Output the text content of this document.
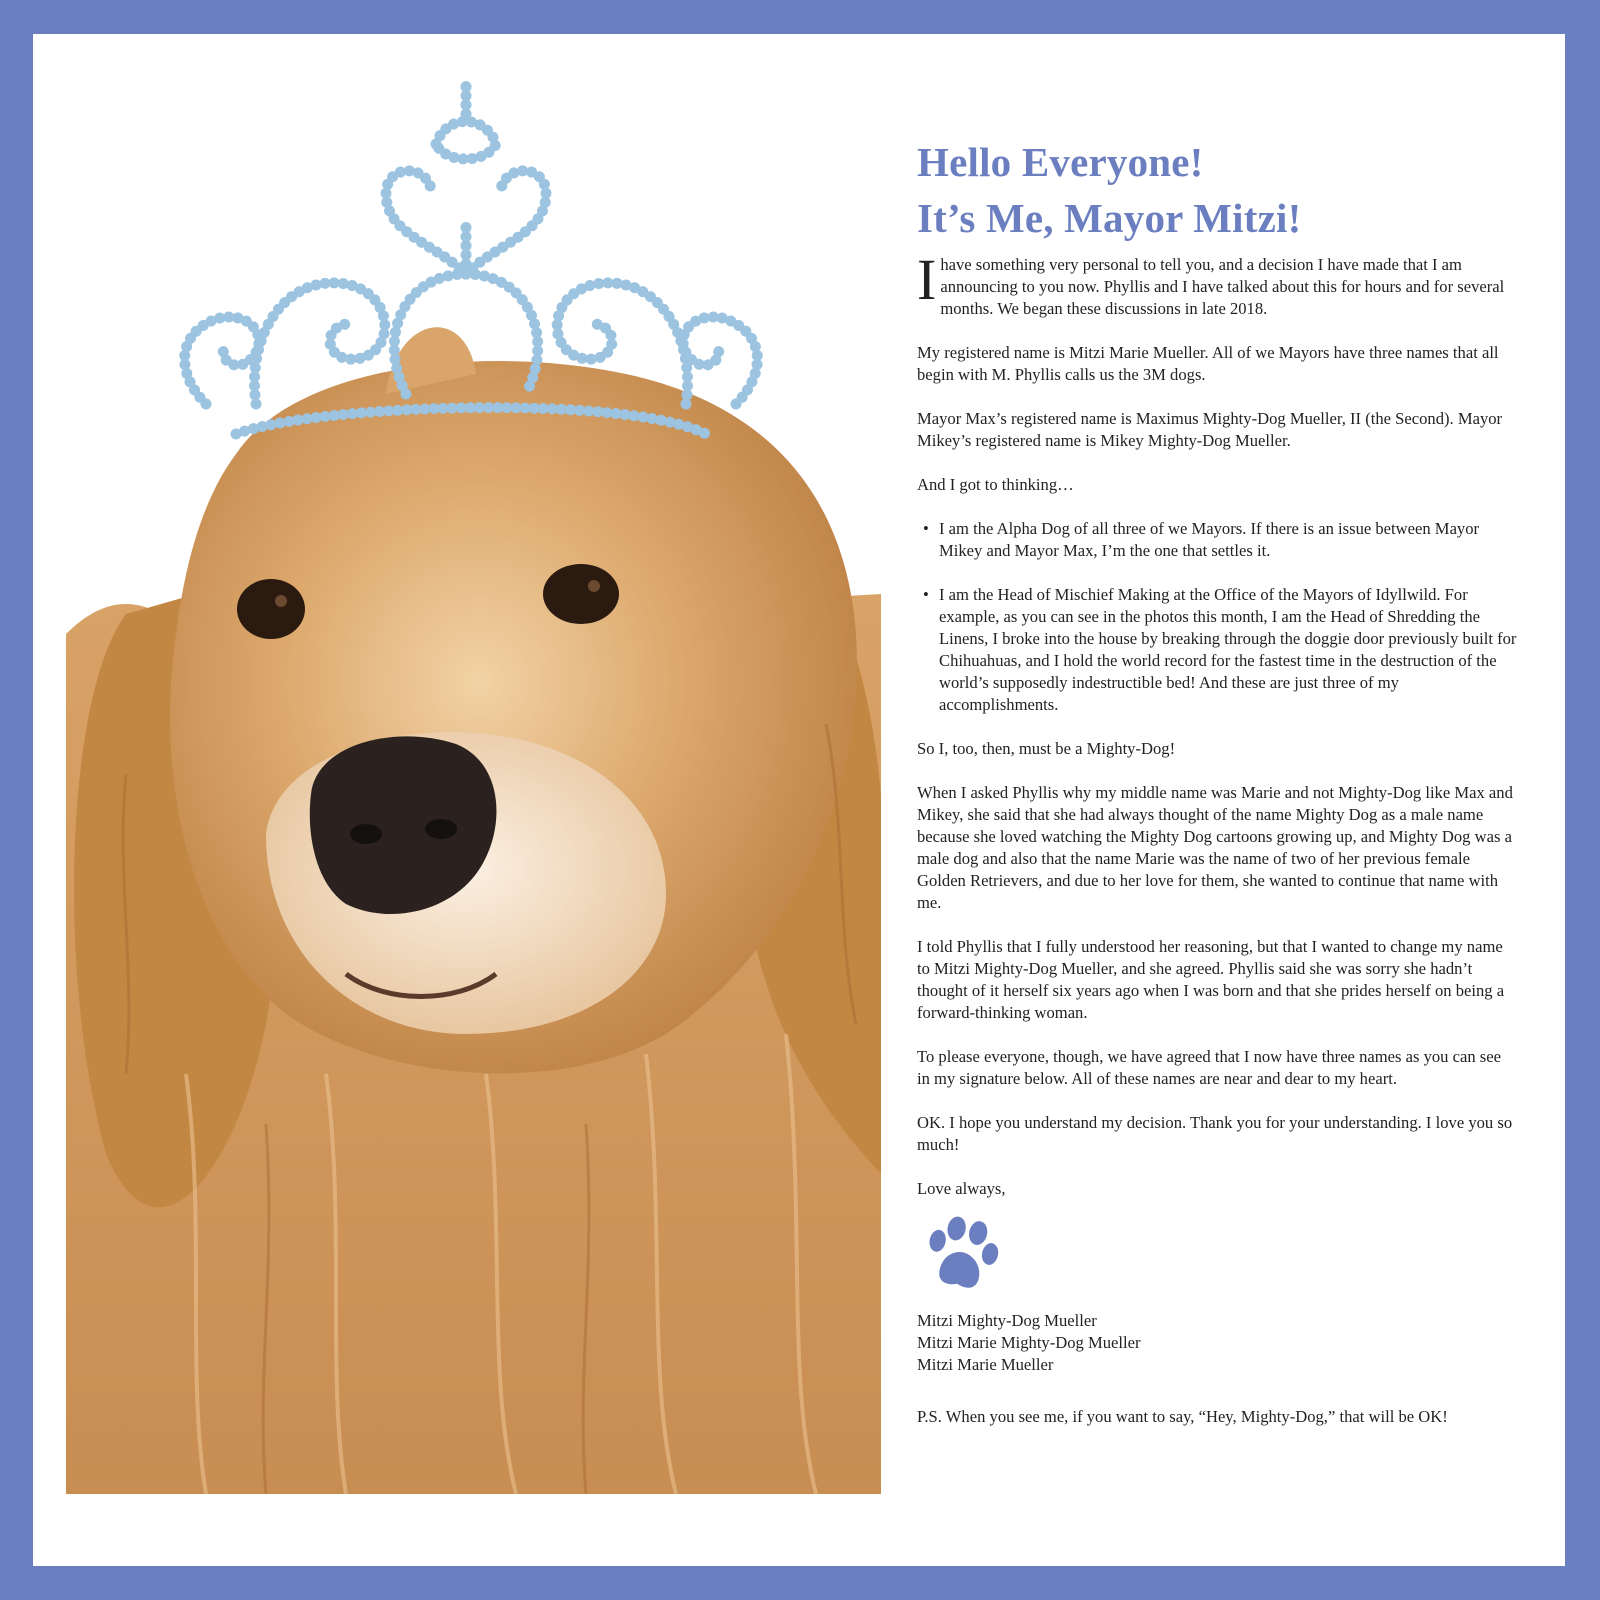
Hello Everyone!
It’s Me, Mayor Mitzi!

Ihave something very personal to tell you, and a decision I have made that I am announcing to you now. Phyllis and I have talked about this for hours and for several months. We began these discussions in late 2018.

My registered name is Mitzi Marie Mueller. All of we Mayors have three names that all begin with M. Phyllis calls us the 3M dogs.

Mayor Max’s registered name is Maximus Mighty-Dog Mueller, II (the Second). Mayor Mikey’s registered name is Mikey Mighty-Dog Mueller.

And I got to thinking…

• I am the Alpha Dog of all three of we Mayors. If there is an issue between Mayor Mikey and Mayor Max, I’m the one that settles it.
• I am the Head of Mischief Making at the Office of the Mayors of Idyllwild. For example, as you can see in the photos this month, I am the Head of Shredding the Linens, I broke into the house by breaking through the doggie door previously built for Chihuahuas, and I hold the world record for the fastest time in the destruction of the world’s supposedly indestructible bed! And these are just three of my accomplishments.

So I, too, then, must be a Mighty-Dog!

When I asked Phyllis why my middle name was Marie and not Mighty-Dog like Max and Mikey, she said that she had always thought of the name Mighty Dog as a male name because she loved watching the Mighty Dog cartoons growing up, and Mighty Dog was a male dog and also that the name Marie was the name of two of her previous female Golden Retrievers, and due to her love for them, she wanted to continue that name with me.

I told Phyllis that I fully understood her reasoning, but that I wanted to change my name to Mitzi Mighty-Dog Mueller, and she agreed. Phyllis said she was sorry she hadn’t thought of it herself six years ago when I was born and that she prides herself on being a forward-thinking woman.

To please everyone, though, we have agreed that I now have three names as you can see in my signature below. All of these names are near and dear to my heart.

OK. I hope you understand my decision. Thank you for your understanding. I love you so much!

Love always,

Mitzi Mighty-Dog Mueller
Mitzi Marie Mighty-Dog Mueller
Mitzi Marie Mueller

P.S. When you see me, if you want to say, “Hey, Mighty-Dog,” that will be OK!
